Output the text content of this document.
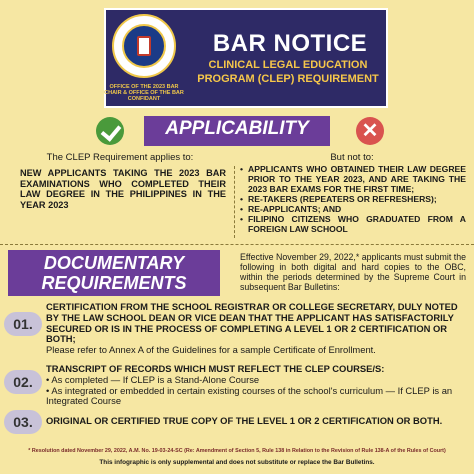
OFFICE OF THE 2023 BAR CHAIR & OFFICE OF THE BAR CONFIDANT
BAR NOTICE
CLINICAL LEGAL EDUCATION
PROGRAM (CLEP) REQUIREMENT
APPLICABILITY	✕
The CLEP Requirement applies to:	But not to:
NEW APPLICANTS TAKING THE 2023 BAR EXAMINATIONS WHO COMPLETED THEIR LAW DEGREE IN THE PHILIPPINES IN THE YEAR 2023
• APPLICANTS WHO OBTAINED THEIR LAW DEGREE PRIOR TO THE YEAR 2023, AND ARE TAKING THE 2023 BAR EXAMS FOR THE FIRST TIME;
• RE-TAKERS (REPEATERS OR REFRESHERS);
• RE-APPLICANTS; AND
• FILIPINO CITIZENS WHO GRADUATED FROM A FOREIGN LAW SCHOOL
DOCUMENTARY
REQUIREMENTS
Effective November 29, 2022,* applicants must submit the following in both digital and hard copies to the OBC, within the periods determined by the Supreme Court in subsequent Bar Bulletins:
01.
CERTIFICATION FROM THE SCHOOL REGISTRAR OR COLLEGE SECRETARY, DULY NOTED BY THE LAW SCHOOL DEAN OR VICE DEAN THAT THE APPLICANT HAS SATISFACTORILY SECURED OR IS IN THE PROCESS OF COMPLETING A LEVEL 1 OR 2 CERTIFICATION OR BOTH;
Please refer to Annex A of the Guidelines for a sample Certificate of Enrollment.
02.
TRANSCRIPT OF RECORDS WHICH MUST REFLECT THE CLEP COURSE/S:
• As completed — If CLEP is a Stand-Alone Course
• As integrated or embedded in certain existing courses of the school's curriculum — If CLEP is an Integrated Course
03.	ORIGINAL OR CERTIFIED TRUE COPY OF THE LEVEL 1 OR 2 CERTIFICATION OR BOTH.
* Resolution dated November 29, 2022, A.M. No. 19-03-24-SC (Re: Amendment of Section 5, Rule 138 in Relation to the Revision of Rule 138-A of the Rules of Court)
This infographic is only supplemental and does not substitute or replace the Bar Bulletins.
